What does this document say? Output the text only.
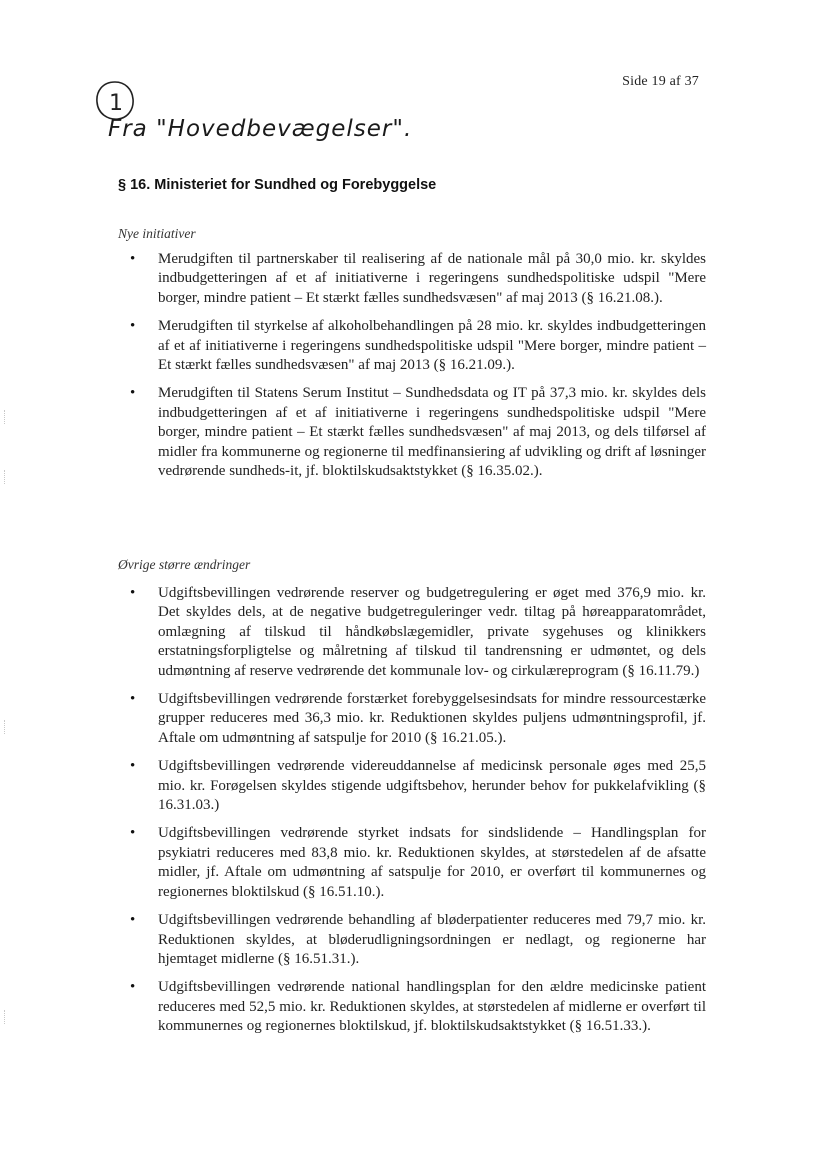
Side 19 af 37
1
Fra "Hovedbevægelser".
§ 16. Ministeriet for Sundhed og Forebyggelse
Nye initiativer
• Merudgiften til partnerskaber til realisering af de nationale mål på 30,0 mio. kr. skyldes indbudgetteringen af et af initiativerne i regeringens sundhedspolitiske udspil "Mere borger, mindre patient – Et stærkt fælles sundhedsvæsen" af maj 2013 (§ 16.21.08.).
• Merudgiften til styrkelse af alkoholbehandlingen på 28 mio. kr. skyldes indbudgetteringen af et af initiativerne i regeringens sundhedspolitiske udspil "Mere borger, mindre patient – Et stærkt fælles sundhedsvæsen" af maj 2013 (§ 16.21.09.).
• Merudgiften til Statens Serum Institut – Sundhedsdata og IT på 37,3 mio. kr. skyldes dels indbudgetteringen af et af initiativerne i regeringens sundhedspolitiske udspil "Mere borger, mindre patient – Et stærkt fælles sundhedsvæsen" af maj 2013, og dels tilførsel af midler fra kommunerne og regionerne til medfinansiering af udvikling og drift af løsninger vedrørende sundheds-it, jf. bloktilskudsaktstykket (§ 16.35.02.).
Øvrige større ændringer
• Udgiftsbevillingen vedrørende reserver og budgetregulering er øget med 376,9 mio. kr. Det skyldes dels, at de negative budgetreguleringer vedr. tiltag på høreapparatområdet, omlægning af tilskud til håndkøbslægemidler, private sygehuses og klinikkers erstatningsforpligtelse og målretning af tilskud til tandrensning er udmøntet, og dels udmøntning af reserve vedrørende det kommunale lov- og cirkulæreprogram (§ 16.11.79.)
• Udgiftsbevillingen vedrørende forstærket forebyggelsesindsats for mindre ressourcestærke grupper reduceres med 36,3 mio. kr. Reduktionen skyldes puljens udmøntningsprofil, jf. Aftale om udmøntning af satspulje for 2010 (§ 16.21.05.).
• Udgiftsbevillingen vedrørende videreuddannelse af medicinsk personale øges med 25,5 mio. kr. Forøgelsen skyldes stigende udgiftsbehov, herunder behov for pukkelafvikling (§ 16.31.03.)
• Udgiftsbevillingen vedrørende styrket indsats for sindslidende – Handlingsplan for psykiatri reduceres med 83,8 mio. kr. Reduktionen skyldes, at størstedelen af de afsatte midler, jf. Aftale om udmøntning af satspulje for 2010, er overført til kommunernes og regionernes bloktilskud (§ 16.51.10.).
• Udgiftsbevillingen vedrørende behandling af bløderpatienter reduceres med 79,7 mio. kr. Reduktionen skyldes, at bløderudligningsordningen er nedlagt, og regionerne har hjemtaget midlerne (§ 16.51.31.).
• Udgiftsbevillingen vedrørende national handlingsplan for den ældre medicinske patient reduceres med 52,5 mio. kr. Reduktionen skyldes, at størstedelen af midlerne er overført til kommunernes og regionernes bloktilskud, jf. bloktilskudsaktstykket (§ 16.51.33.).
